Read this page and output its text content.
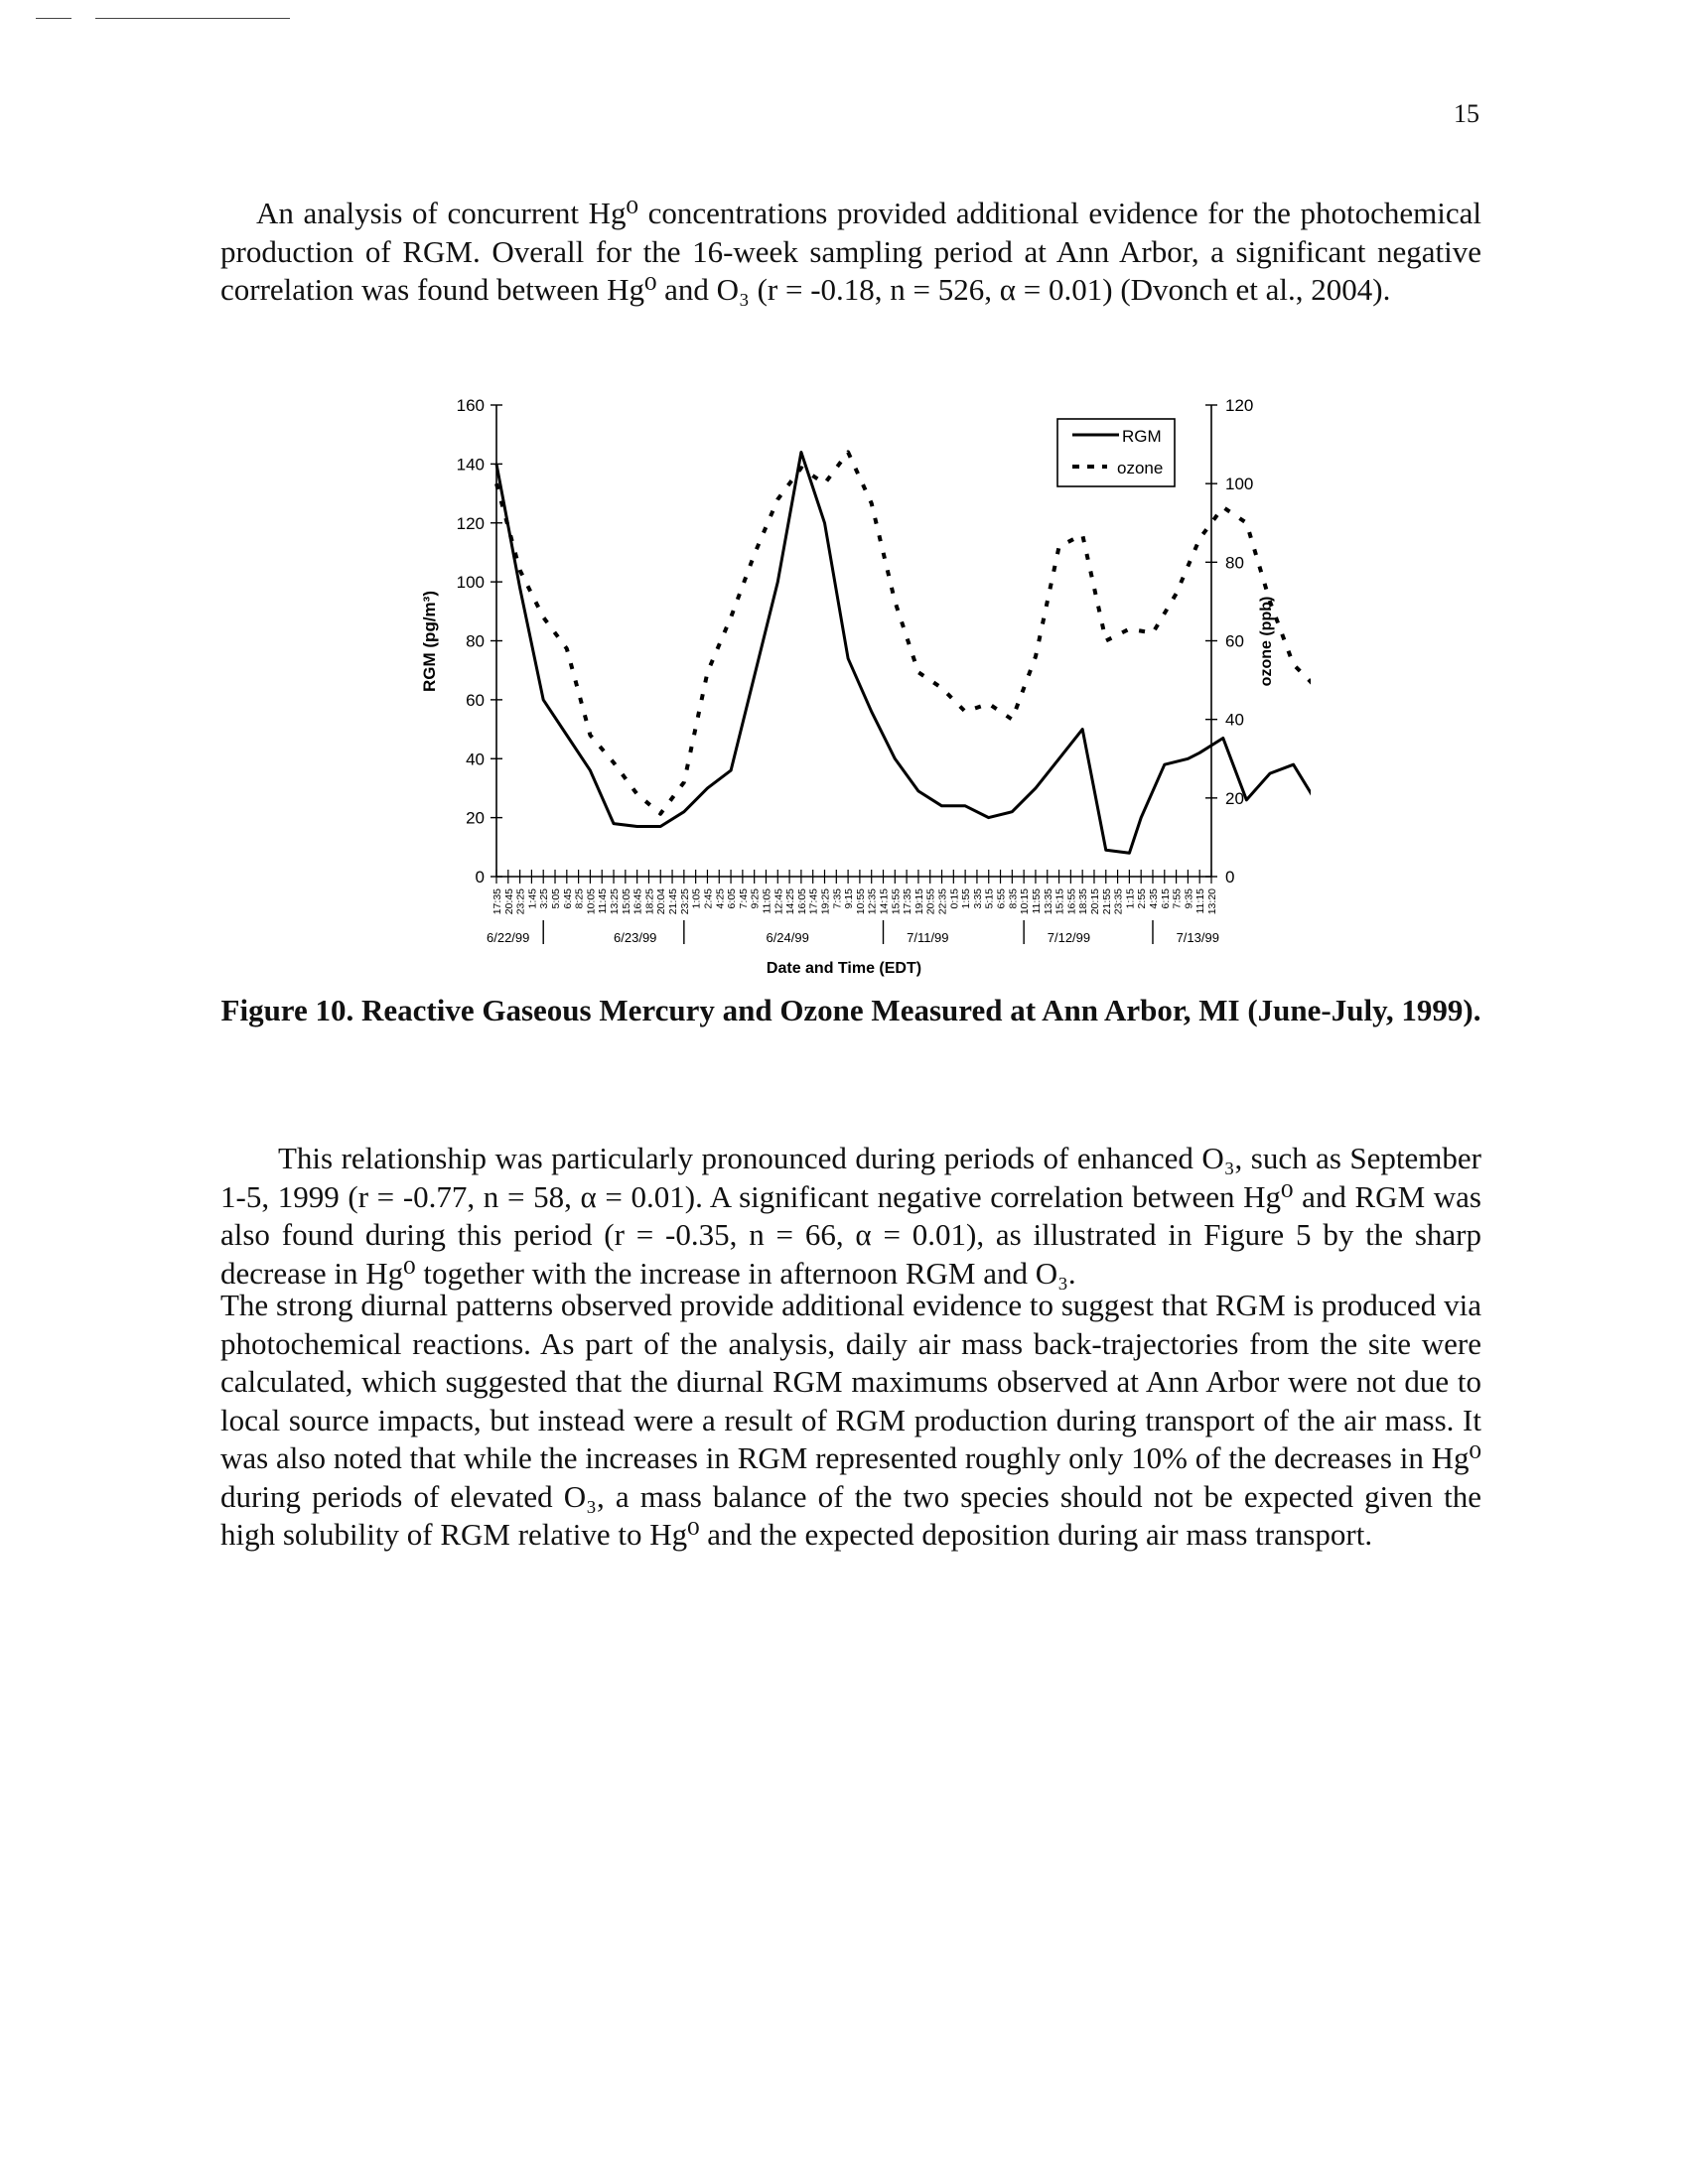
15

An analysis of concurrent Hg⁰ concentrations provided additional evidence for the photochemical production of RGM. Overall for the 16-week sampling period at Ann Arbor, a significant negative correlation was found between Hg⁰ and O₃ (r = -0.18, n = 526, α = 0.01) (Dvonch et al., 2004).

0
20
40
60
80
100
120
140
160
0
20
40
60
80
100
120
17:35 20:45 23:25 1:45 3:25 5:05 6:45 8:25 10:05 11:45 13:25 15:05 16:45 18:25 20:04 21:45 23:25 1:05 2:45 4:25 6:05 7:45 9:25 11:05 12:45 14:25 16:05 17:45 19:25 7:35 9:15 10:55 12:35 14:15 15:55 17:35 19:15 20:55 22:35 0:15 1:55 3:35 5:15 6:55 8:35 10:15 11:55 13:35 15:15 16:55 18:35 20:15 21:55 23:35 1:15 2:55 4:35 6:15 7:55 9:35 11:15 13:20
6/22/99	6/23/99	6/24/99	7/11/99	7/12/99	7/13/99
RGM
ozone
RGM (pg/m³)	ozone (ppb)
Date and Time (EDT)
Figure 10. Reactive Gaseous Mercury and Ozone Measured at Ann Arbor, MI (June-July, 1999).

This relationship was particularly pronounced during periods of enhanced O₃, such as September 1-5, 1999 (r = -0.77, n = 58, α = 0.01). A significant negative correlation between Hg⁰ and RGM was also found during this period (r = -0.35, n = 66, α = 0.01), as illustrated in Figure 5 by the sharp decrease in Hg⁰ together with the increase in afternoon RGM and O₃.

The strong diurnal patterns observed provide additional evidence to suggest that RGM is produced via photochemical reactions. As part of the analysis, daily air mass back-trajectories from the site were calculated, which suggested that the diurnal RGM maximums observed at Ann Arbor were not due to local source impacts, but instead were a result of RGM production during transport of the air mass. It was also noted that while the increases in RGM represented roughly only 10% of the decreases in Hg⁰ during periods of elevated O₃, a mass balance of the two species should not be expected given the high solubility of RGM relative to Hg⁰ and the expected deposition during air mass transport.
